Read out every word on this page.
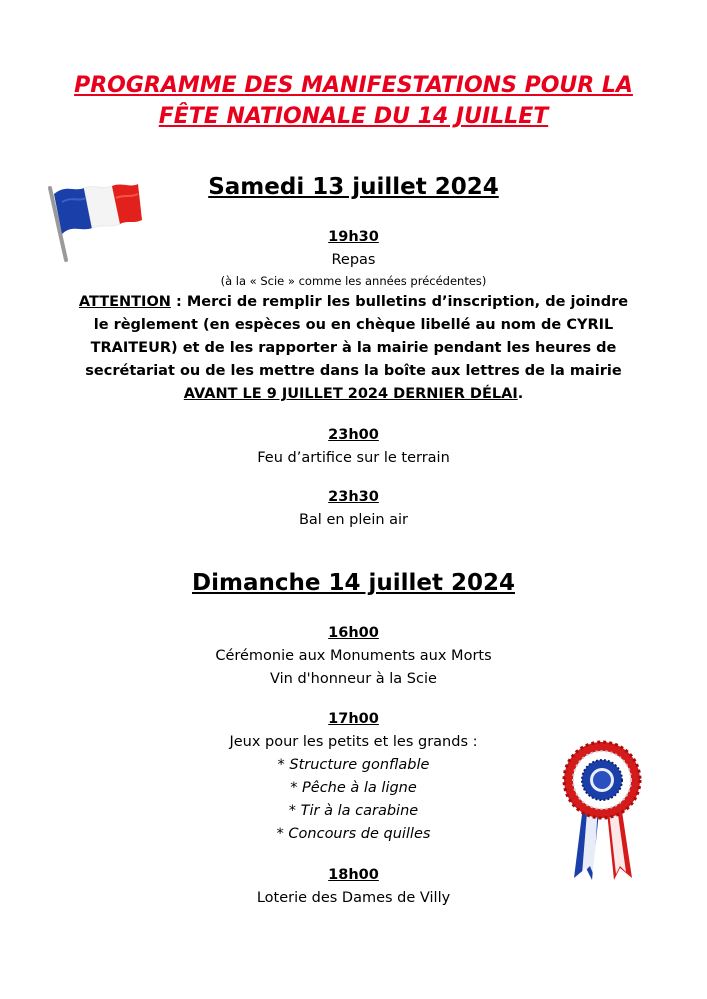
PROGRAMME DES MANIFESTATIONS POUR LA
FÊTE NATIONALE DU 14 JUILLET
Samedi 13 juillet 2024
19h30
Repas
(à la « Scie » comme les années précédentes)
ATTENTION : Merci de remplir les bulletins d’inscription, de joindre
le règlement (en espèces ou en chèque libellé au nom de CYRIL
TRAITEUR) et de les rapporter à la mairie pendant les heures de
secrétariat ou de les mettre dans la boîte aux lettres de la mairie
AVANT LE 9 JUILLET 2024 DERNIER DÉLAI.
23h00
Feu d’artifice sur le terrain
23h30
Bal en plein air
Dimanche 14 juillet 2024
16h00
Cérémonie aux Monuments aux Morts
Vin d'honneur à la Scie
17h00
Jeux pour les petits et les grands :
* Structure gonflable
* Pêche à la ligne
* Tir à la carabine
* Concours de quilles
18h00
Loterie des Dames de Villy
